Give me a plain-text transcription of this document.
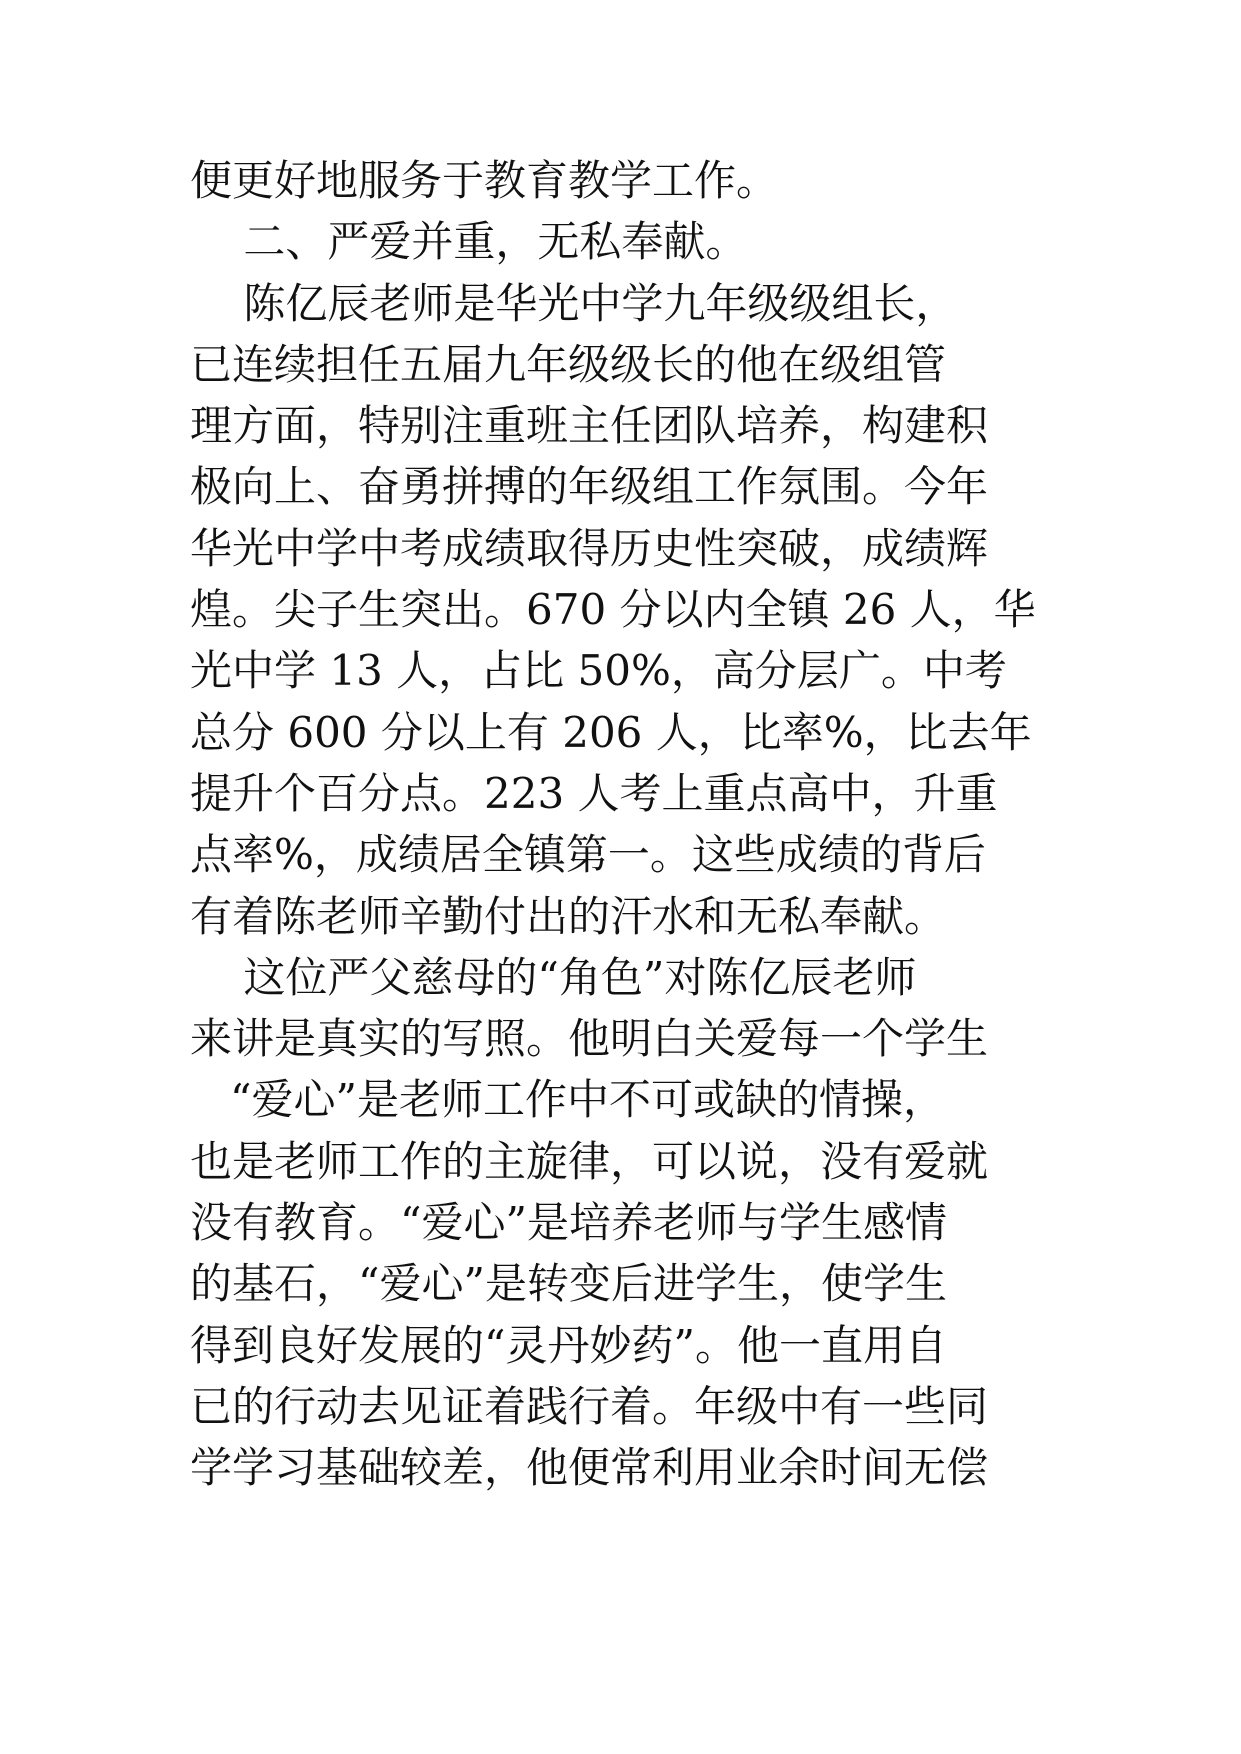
便更好地服务于教育教学工作。
二、严爱并重，无私奉献。
陈亿辰老师是华光中学九年级级组长，
已连续担任五届九年级级长的他在级组管
理方面，特别注重班主任团队培养，构建积
极向上、奋勇拼搏的年级组工作氛围。今年
华光中学中考成绩取得历史性突破，成绩辉
煌。尖子生突出。670 分以内全镇 26 人，华
光中学 13 人，占比 50%，高分层广。中考
总分 600 分以上有 206 人，比率%，比去年
提升个百分点。223 人考上重点高中，升重
点率%，成绩居全镇第一。这些成绩的背后
有着陈老师辛勤付出的汗水和无私奉献。
这位严父慈母的“角色”对陈亿辰老师
来讲是真实的写照。他明白关爱每一个学生
“爱心”是老师工作中不可或缺的情操，
也是老师工作的主旋律，可以说，没有爱就
没有教育。“爱心”是培养老师与学生感情
的基石，“爱心”是转变后进学生，使学生
得到良好发展的“灵丹妙药”。他一直用自
已的行动去见证着践行着。年级中有一些同
学学习基础较差，他便常利用业余时间无偿
